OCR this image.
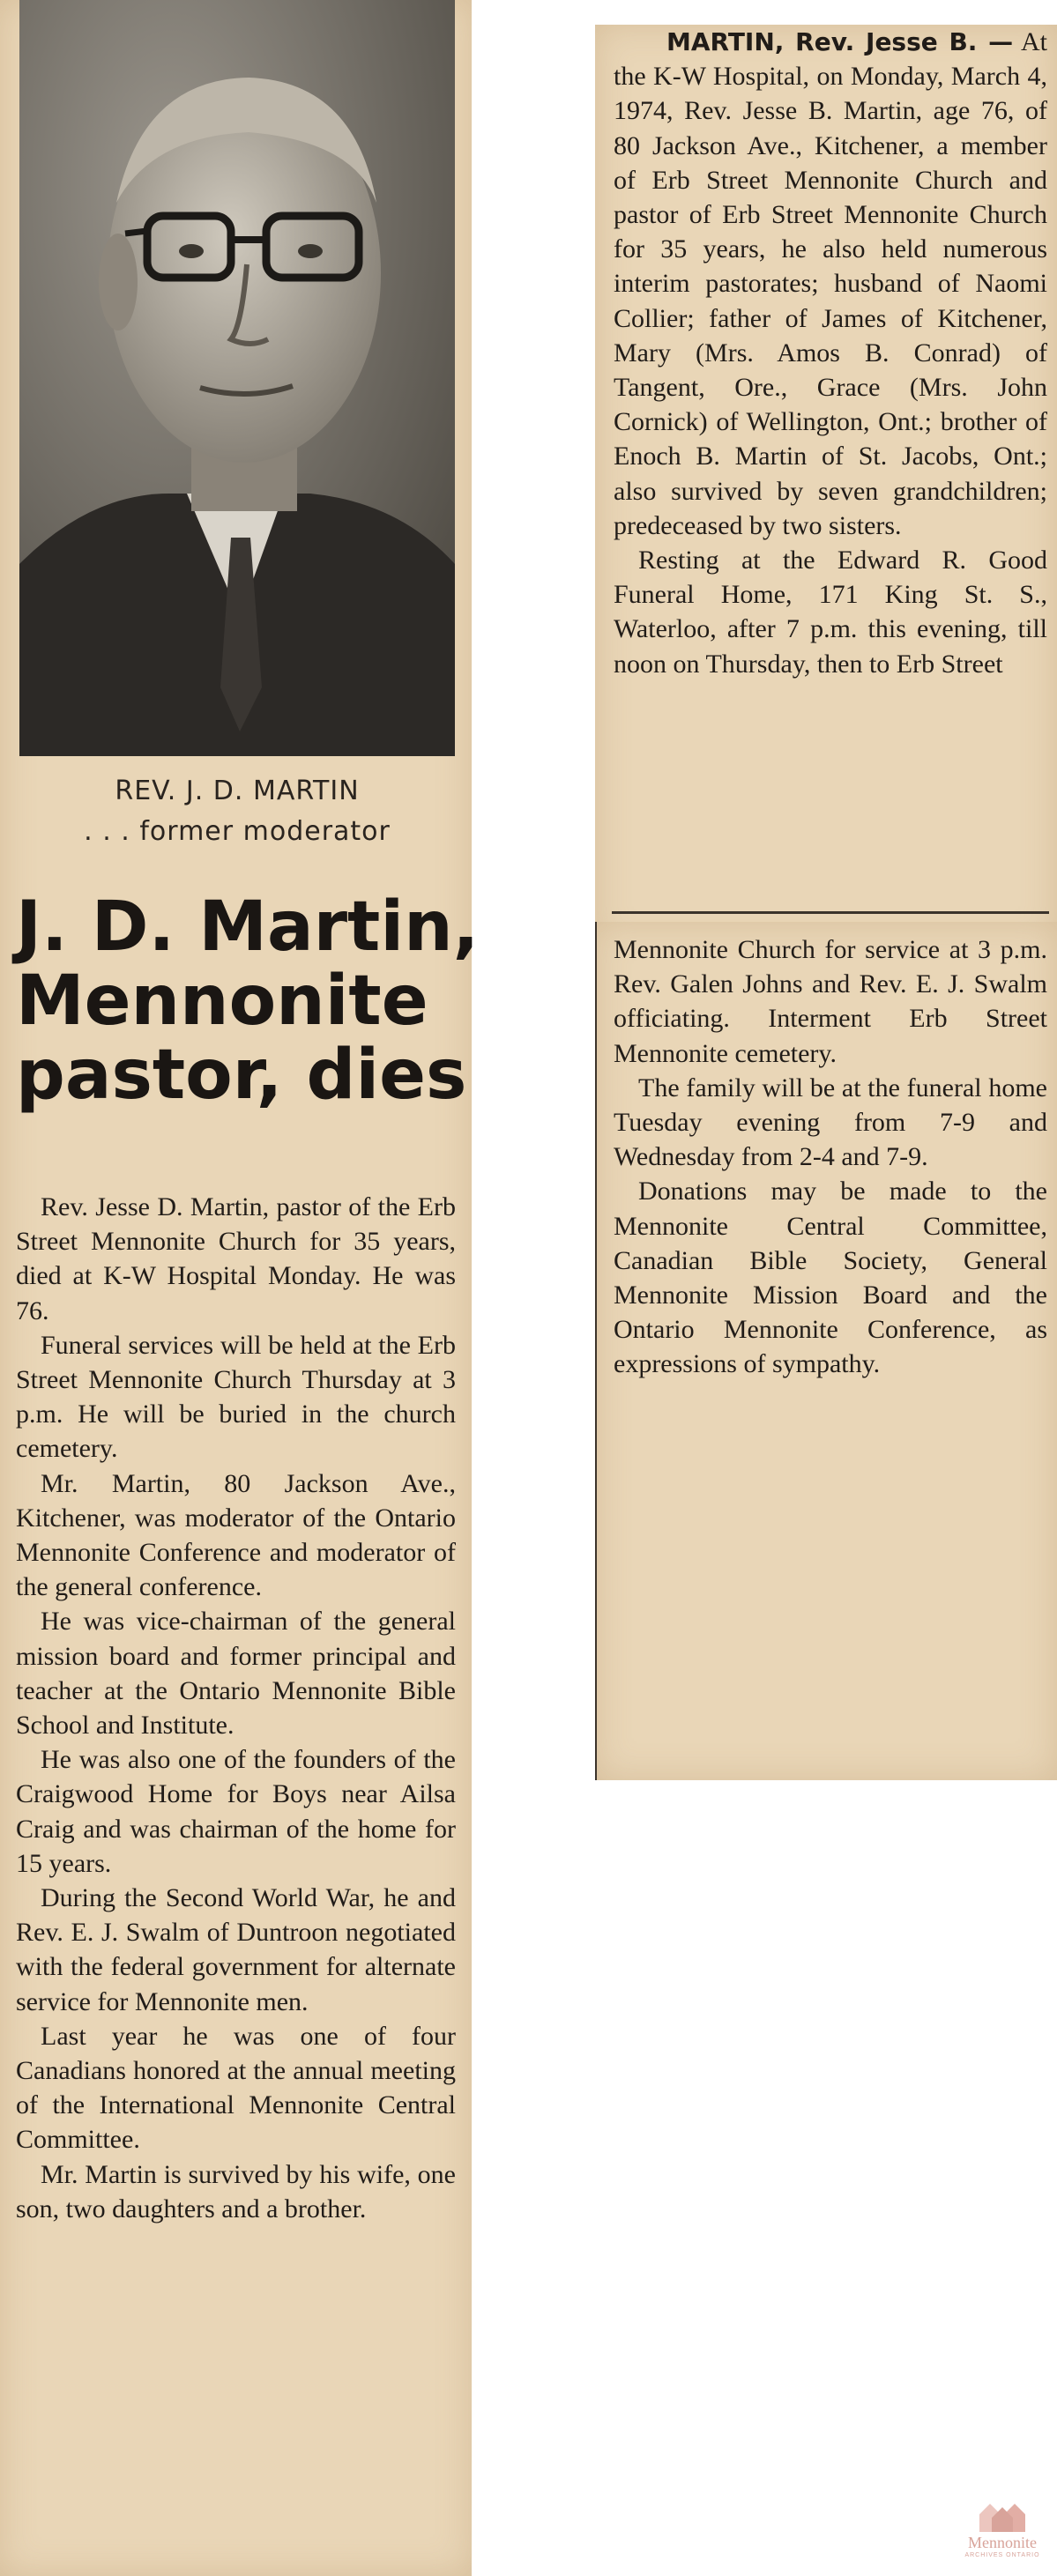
REV. J. D. MARTIN
. . . former moderator
J. D. Martin,
Mennonite
pastor, dies

Rev. Jesse D. Martin, pastor of the Erb Street Mennonite Church for 35 years, died at K-W Hospital Monday. He was 76.

Funeral services will be held at the Erb Street Mennonite Church Thursday at 3 p.m. He will be buried in the church cemetery.

Mr. Martin, 80 Jackson Ave., Kitchener, was moderator of the Ontario Mennonite Conference and moderator of the general conference.

He was vice-chairman of the general mission board and former principal and teacher at the Ontario Mennonite Bible School and Institute.

He was also one of the founders of the Craigwood Home for Boys near Ailsa Craig and was chairman of the home for 15 years.

During the Second World War, he and Rev. E. J. Swalm of Duntroon negotiated with the federal government for alternate service for Mennonite men.

Last year he was one of four Canadians honored at the annual meeting of the International Mennonite Central Committee.

Mr. Martin is survived by his wife, one son, two daughters and a brother.

MARTIN, Rev. Jesse B. — At the K-W Hospital, on Monday, March 4, 1974, Rev. Jesse B. Martin, age 76, of 80 Jackson Ave., Kitchener, a member of Erb Street Mennonite Church and pastor of Erb Street Mennonite Church for 35 years, he also held numerous interim pastorates; husband of Naomi Collier; father of James of Kitchener, Mary (Mrs. Amos B. Conrad) of Tangent, Ore., Grace (Mrs. John Cornick) of Wellington, Ont.; brother of Enoch B. Martin of St. Jacobs, Ont.; also survived by seven grandchildren; predeceased by two sisters.

Resting at the Edward R. Good Funeral Home, 171 King St. S., Waterloo, after 7 p.m. this evening, till noon on Thursday, then to Erb Street

Mennonite Church for service at 3 p.m. Rev. Galen Johns and Rev. E. J. Swalm officiating. Interment Erb Street Mennonite cemetery.

The family will be at the funeral home Tuesday evening from 7-9 and Wednesday from 2-4 and 7-9.

Donations may be made to the Mennonite Central Committee, Canadian Bible Society, General Mennonite Mission Board and the Ontario Mennonite Conference, as expressions of sympathy.

Mennonite
ARCHIVES ONTARIO
